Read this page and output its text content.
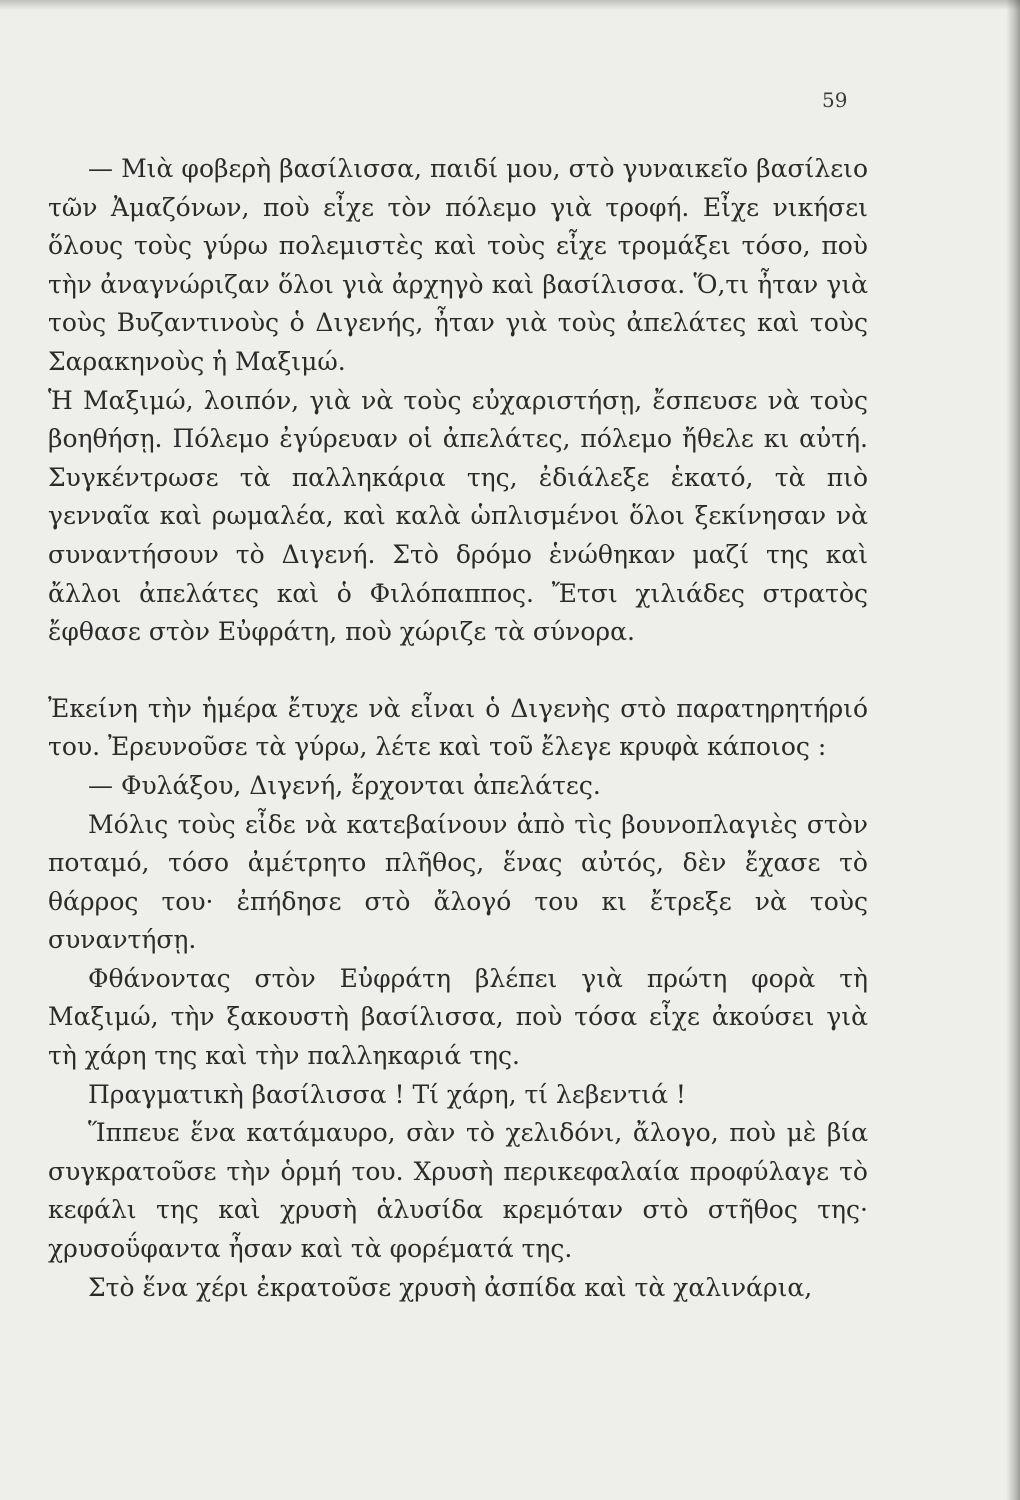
59

— Μιὰ φοβερὴ βασίλισσα, παιδί μου, στὸ γυναικεῖο βασίλειο τῶν Ἀμαζόνων, ποὺ εἶχε τὸν πόλεμο γιὰ τροφή. Εἶχε νικήσει ὅλους τοὺς γύρω πολεμιστὲς καὶ τοὺς εἶχε τρομάξει τόσο, ποὺ τὴν ἀναγνώριζαν ὅλοι γιὰ ἀρχηγὸ καὶ βασίλισσα. Ὅ,τι ἦταν γιὰ τοὺς Βυζαντινοὺς ὁ Διγενής, ἦταν γιὰ τοὺς ἀπελάτες καὶ τοὺς Σαρακηνοὺς ἡ Μαξιμώ.

Ἡ Μαξιμώ, λοιπόν, γιὰ νὰ τοὺς εὐχαριστήσῃ, ἔσπευσε νὰ τοὺς βοηθήσῃ. Πόλεμο ἐγύρευαν οἱ ἀπελάτες, πόλεμο ἤθελε κι αὐτή. Συγκέντρωσε τὰ παλληκάρια της, ἐδιάλεξε ἑκατό, τὰ πιὸ γενναῖα καὶ ρωμαλέα, καὶ καλὰ ὡπλισμένοι ὅλοι ξεκίνησαν νὰ συναντήσουν τὸ Διγενή. Στὸ δρόμο ἑνώθηκαν μαζί της καὶ ἄλλοι ἀπελάτες καὶ ὁ Φιλόπαππος. Ἔτσι χιλιάδες στρατὸς ἔφθασε στὸν Εὐφράτη, ποὺ χώριζε τὰ σύνορα.

Ἐκείνη τὴν ἡμέρα ἔτυχε νὰ εἶναι ὁ Διγενὴς στὸ παρατηρητήριό του. Ἐρευνοῦσε τὰ γύρω, λέτε καὶ τοῦ ἔλεγε κρυφὰ κάποιος :

— Φυλάξου, Διγενή, ἔρχονται ἀπελάτες.

Μόλις τοὺς εἶδε νὰ κατεβαίνουν ἀπὸ τὶς βουνοπλαγιὲς στὸν ποταμό, τόσο ἀμέτρητο πλῆθος, ἕνας αὐτός, δὲν ἔχασε τὸ θάρρος του· ἐπήδησε στὸ ἄλογό του κι ἔτρεξε νὰ τοὺς συναντήσῃ.

Φθάνοντας στὸν Εὐφράτη βλέπει γιὰ πρώτη φορὰ τὴ Μαξιμώ, τὴν ξακουστὴ βασίλισσα, ποὺ τόσα εἶχε ἀκούσει γιὰ τὴ χάρη της καὶ τὴν παλληκαριά της.

Πραγματικὴ βασίλισσα ! Τί χάρη, τί λεβεντιά !

Ἵππευε ἕνα κατάμαυρο, σὰν τὸ χελιδόνι, ἄλογο, ποὺ μὲ βία συγκρατοῦσε τὴν ὁρμή του. Χρυσὴ περικεφαλαία προφύλαγε τὸ κεφάλι της καὶ χρυσὴ ἁλυσίδα κρεμόταν στὸ στῆθος της· χρυσοΰφαντα ἦσαν καὶ τὰ φορέματά της.

Στὸ ἕνα χέρι ἐκρατοῦσε χρυσὴ ἀσπίδα καὶ τὰ χαλινάρια,
